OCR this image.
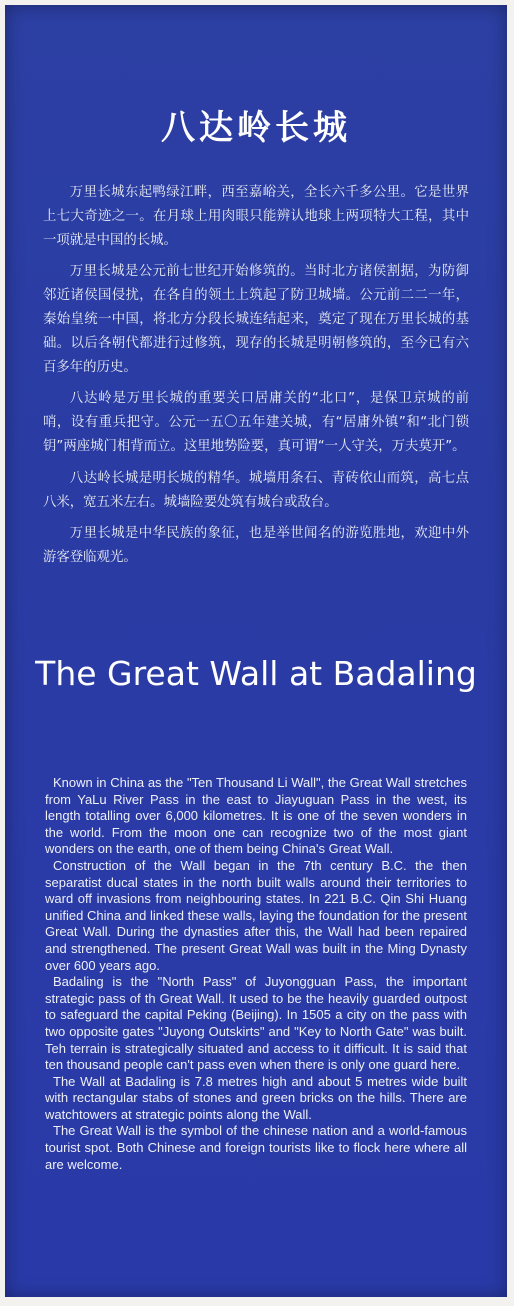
八达岭长城

万里长城东起鸭绿江畔，西至嘉峪关，全长六千多公里。它是世界上七大奇迹之一。在月球上用肉眼只能辨认地球上两项特大工程，其中一项就是中国的长城。

万里长城是公元前七世纪开始修筑的。当时北方诸侯割据，为防御邻近诸侯国侵扰，在各自的领土上筑起了防卫城墙。公元前二二一年，秦始皇统一中国，将北方分段长城连结起来，奠定了现在万里长城的基础。以后各朝代都进行过修筑，现存的长城是明朝修筑的，至今已有六百多年的历史。

八达岭是万里长城的重要关口居庸关的“北口”，是保卫京城的前哨，设有重兵把守。公元一五〇五年建关城，有“居庸外镇”和“北门锁钥”两座城门相背而立。这里地势险要，真可谓“一人守关，万夫莫开”。

八达岭长城是明长城的精华。城墙用条石、青砖依山而筑，高七点八米，宽五米左右。城墙险要处筑有城台或敌台。

万里长城是中华民族的象征，也是举世闻名的游览胜地，欢迎中外游客登临观光。

The Great Wall at Badaling

Known in China as the "Ten Thousand Li Wall", the Great Wall stretches from YaLu River Pass in the east to Jiayuguan Pass in the west, its length totalling over 6,000 kilometres. It is one of the seven wonders in the world. From the moon one can recognize two of the most giant wonders on the earth, one of them being China's Great Wall.

Construction of the Wall began in the 7th century B.C. the then separatist ducal states in the north built walls around their territories to ward off invasions from neighbouring states. In 221 B.C. Qin Shi Huang unified China and linked these walls, laying the foundation for the present Great Wall. During the dynasties after this, the Wall had been repaired and strengthened. The present Great Wall was built in the Ming Dynasty over 600 years ago.

Badaling is the "North Pass" of Juyongguan Pass, the important strategic pass of th Great Wall. It used to be the heavily guarded outpost to safeguard the capital Peking (Beijing). In 1505 a city on the pass with two opposite gates "Juyong Outskirts" and "Key to North Gate" was built. Teh terrain is strategically situated and access to it difficult. It is said that ten thousand people can't pass even when there is only one guard here.

The Wall at Badaling is 7.8 metres high and about 5 metres wide built with rectangular stabs of stones and green bricks on the hills. There are watchtowers at strategic points along the Wall.

The Great Wall is the symbol of the chinese nation and a world-famous tourist spot. Both Chinese and foreign tourists like to flock here where all are welcome.
